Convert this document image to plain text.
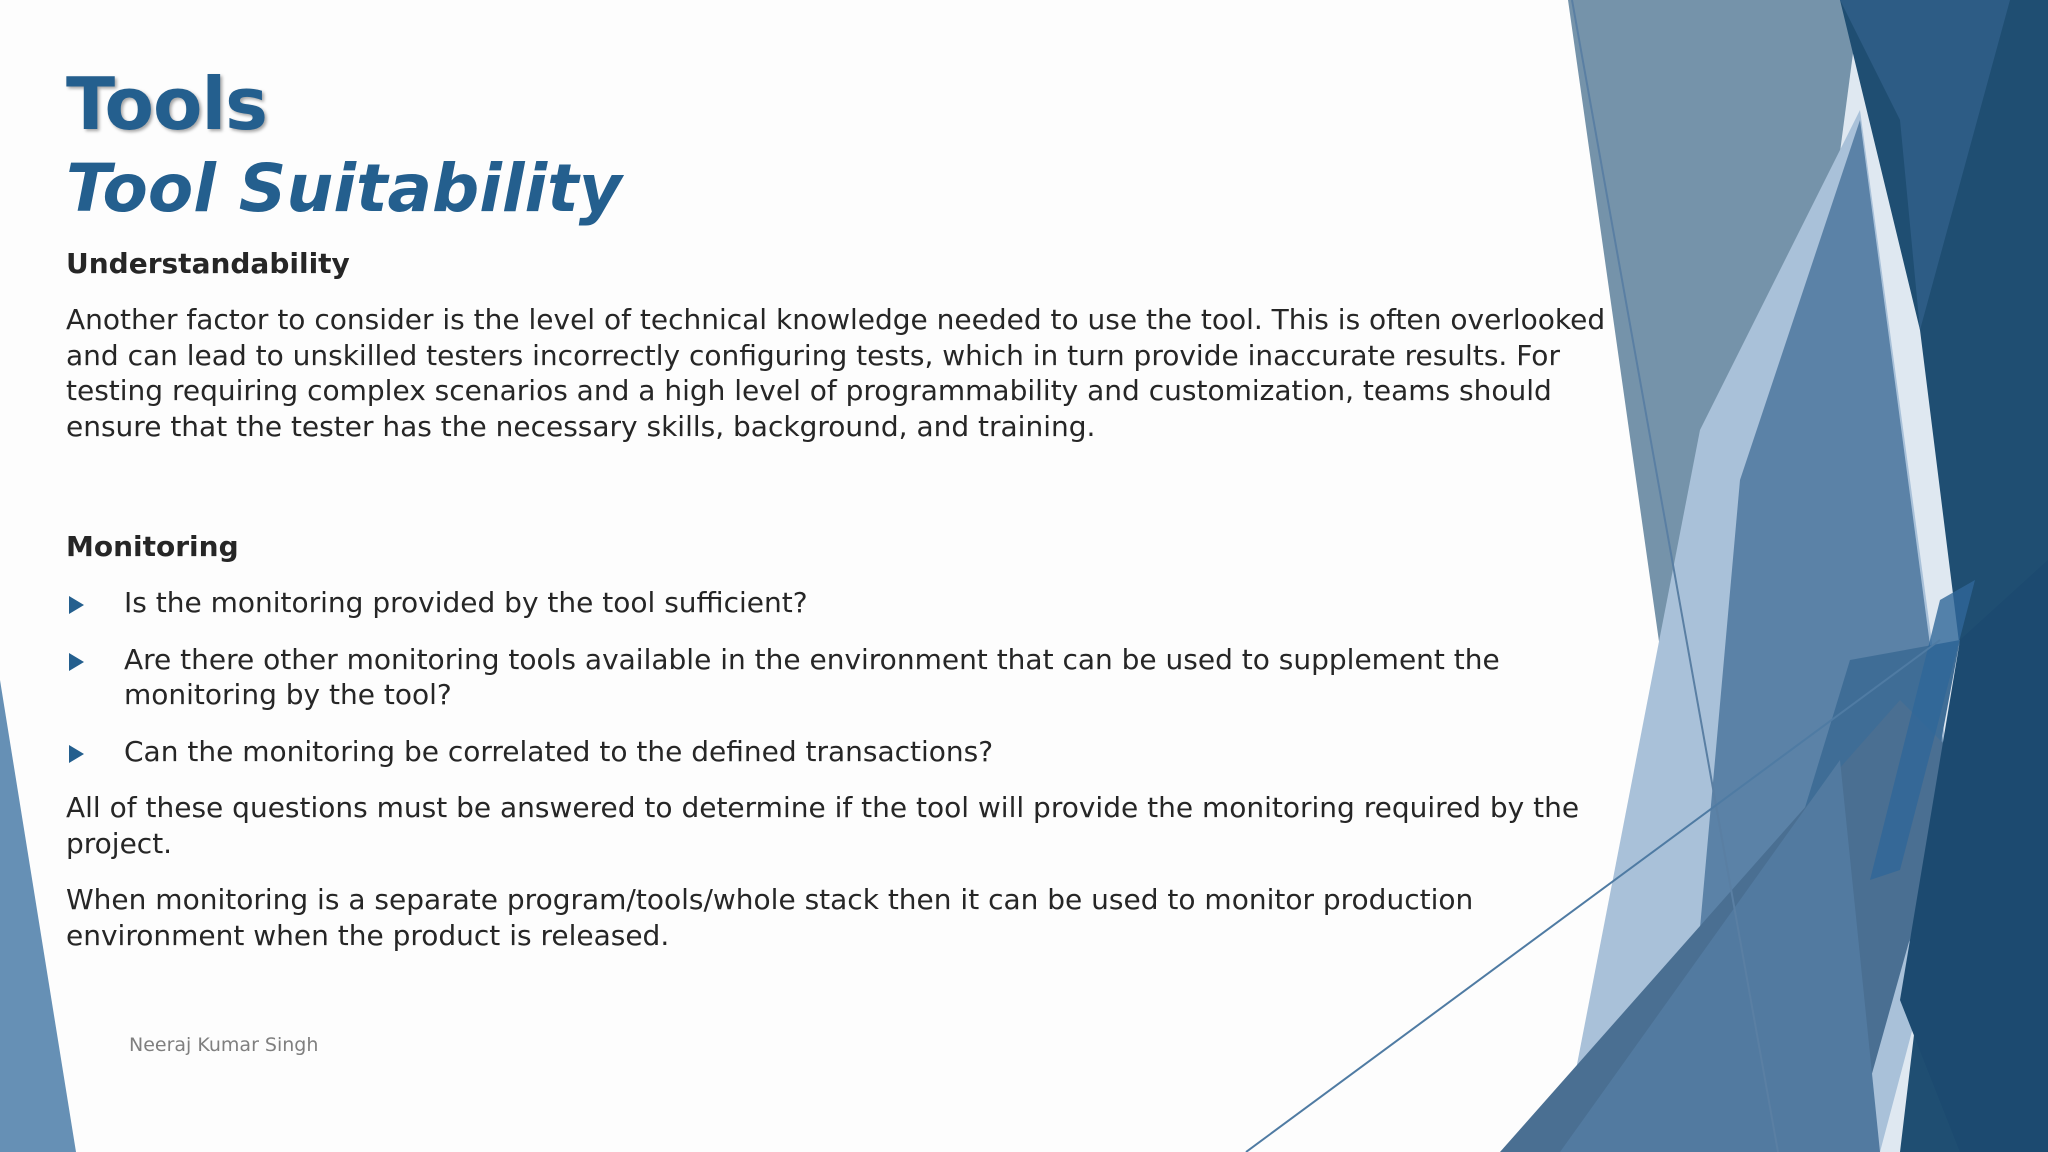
Tools
Tool Suitability
Understandability

Another factor to consider is the level of technical knowledge needed to use the tool. This is often overlooked and can lead to unskilled testers incorrectly configuring tests, which in turn provide inaccurate results. For testing requiring complex scenarios and a high level of programmability and customization, teams should ensure that the tester has the necessary skills, background, and training.

Monitoring
Is the monitoring provided by the tool sufficient?
Are there other monitoring tools available in the environment that can be used to supplement the monitoring by the tool?
Can the monitoring be correlated to the defined transactions?

All of these questions must be answered to determine if the tool will provide the monitoring required by the project.

When monitoring is a separate program/tools/whole stack then it can be used to monitor production environment when the product is released.

Neeraj Kumar Singh
